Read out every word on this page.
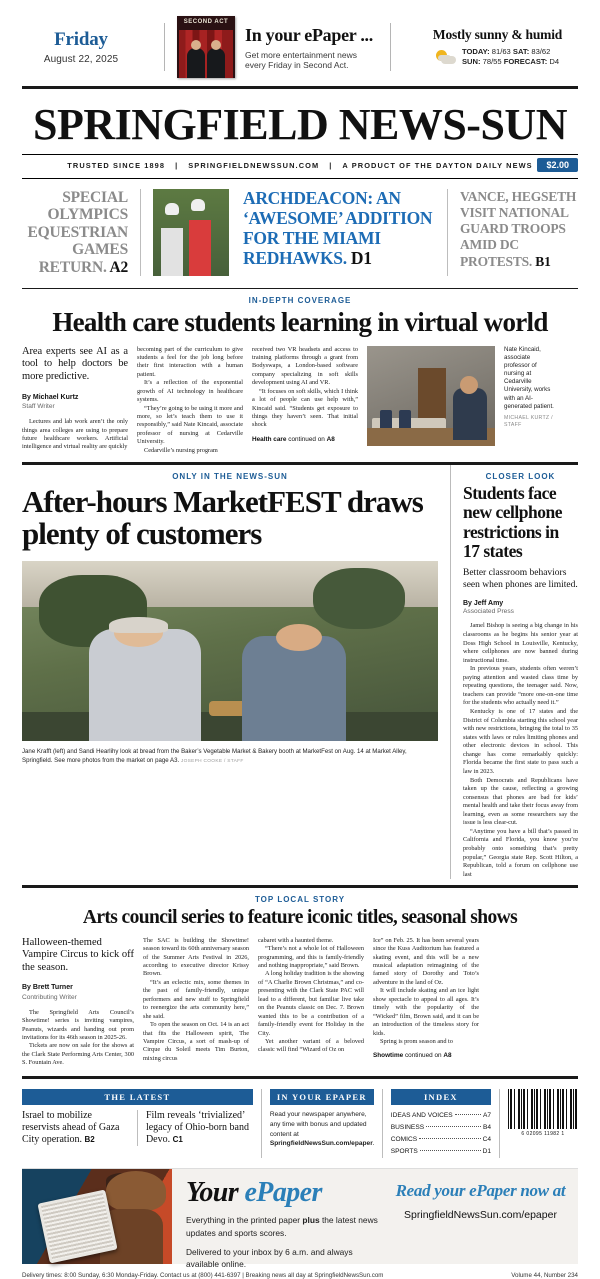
Friday
August 22, 2025
SECOND ACT
In your ePaper ...
Get more entertainment news every Friday in Second Act.
Mostly sunny & humid
TODAY: 81/63 SAT: 83/62
SUN: 78/55 FORECAST: D4
SPRINGFIELD NEWS-SUN
TRUSTED SINCE 1898 | SPRINGFIELDNEWSSUN.COM | A PRODUCT OF THE DAYTON DAILY NEWS	$2.00
SPECIAL OLYMPICS EQUESTRIAN GAMES RETURN. A2
ARCHDEACON: AN ‘AWESOME’ ADDITION FOR THE MIAMI REDHAWKS. D1
VANCE, HEGSETH VISIT NATIONAL GUARD TROOPS AMID DC PROTESTS. B1
IN-DEPTH COVERAGE
Health care students learning in virtual world
Area experts see AI as a tool to help doctors be more predictive.
By Michael Kurtz
Staff Writer

Lectures and lab work aren’t the only things area colleges are using to prepare future healthcare workers. Artificial intelligence and virtual reality are quickly

becoming part of the curriculum to give students a feel for the job long before their first interaction with a human patient.

It’s a reflection of the exponential growth of AI technology in healthcare systems.

“They’re going to be using it more and more, so let’s teach them to use it responsibly,” said Nate Kincaid, associate professor of nursing at Cedarville University.

Cedarville’s nursing program

received two VR headsets and access to training platforms through a grant from Bodyswaps, a London-based software company specializing in soft skills development using AI and VR.

“It focuses on soft skills, which I think a lot of people can use help with,” Kincaid said. “Students get exposure to things they haven’t seen. That initial shock

Health care continued on A8
Nate Kincaid, associate professor of nursing at Cedarville University, works with an AI-generated patient.
MICHAEL KURTZ / STAFF
ONLY IN THE NEWS-SUN
After-hours MarketFEST draws plenty of customers
Jane Krafft (left) and Sandi Hearlihy look at bread from the Baker’s Vegetable Market & Bakery booth at MarketFest on Aug. 14 at Market Alley, Springfield. See more photos from the market on page A3. JOSEPH COOKE / STAFF
CLOSER LOOK
Students face new cellphone restrictions in 17 states
Better classroom behaviors seen when phones are limited.
By Jeff Amy
Associated Press

Jamel Bishop is seeing a big change in his classrooms as he begins his senior year at Doss High School in Louisville, Kentucky, where cellphones are now banned during instructional time.

In previous years, students often weren’t paying attention and wasted class time by repeating questions, the teenager said. Now, teachers can provide “more one-on-one time for the students who actually need it.”

Kentucky is one of 17 states and the District of Columbia starting this school year with new restrictions, bringing the total to 35 states with laws or rules limiting phones and other electronic devices in school. This change has come remarkably quickly: Florida became the first state to pass such a law in 2023.

Both Democrats and Republicans have taken up the cause, reflecting a growing consensus that phones are bad for kids’ mental health and take their focus away from learning, even as some researchers say the issue is less clear-cut.

“Anytime you have a bill that’s passed in California and Florida, you know you’re probably onto something that’s pretty popular,” Georgia state Rep. Scott Hilton, a Republican, told a forum on cellphone use last

TOP LOCAL STORY
Arts council series to feature iconic titles, seasonal shows
Halloween-themed Vampire Circus to kick off the season.
By Brett Turner
Contributing Writer

The Springfield Arts Council’s Showtime! series is inviting vampires, Peanuts, wizards and handing out prom invitations for its 46th season in 2025-26.

Tickets are now on sale for the shows at the Clark State Performing Arts Center, 300 S. Fountain Ave.

The SAC is building the Showtime! season toward its 60th anniversary season of the Summer Arts Festival in 2026, according to executive director Krissy Brown.

“It’s an eclectic mix, some themes in the past of family-friendly, unique performers and new stuff to Springfield to reenergize the arts community here,” she said.

To open the season on Oct. 14 is an act that fits the Halloween spirit, The Vampire Circus, a sort of mash-up of Cirque du Soleil meets Tim Burton, mixing circus

cabaret with a haunted theme.

“There’s not a whole lot of Halloween programming, and this is family-friendly and nothing inappropriate,” said Brown.

A long holiday tradition is the showing of “A Charlie Brown Christmas,” and co-presenting with the Clark State PAC will lead to a different, but familiar live take on the Peanuts classic on Dec. 7. Brown wanted this to be a contribution of a family-friendly event for Holiday in the City.

Yet another variant of a beloved classic will find “Wizard of Oz on

Ice” on Feb. 25. It has been several years since the Kuss Auditorium has featured a skating event, and this will be a new musical adaptation reimagining of the famed story of Dorothy and Toto’s adventure in the land of Oz.

It will include skating and an ice light show spectacle to appeal to all ages. It’s timely with the popularity of the “Wicked” film, Brown said, and it can be an introduction of the timeless story for kids.

Spring is prom season and to

Showtime continued on A8
THE LATEST
Israel to mobilize reservists ahead of Gaza City operation. B2
Film reveals ‘trivialized’ legacy of Ohio-born band Devo. C1
IN YOUR EPAPER
Read your newspaper anywhere, any time with bonus and updated content at SpringfieldNewsSun.com/epaper.
INDEX
IDEAS AND VOICES	A7
BUSINESS	B4
COMICS	C4
SPORTS	D1
6 02095 11982 1
Your ePaper
Everything in the printed paper plus the latest news updates and sports scores.
Delivered to your inbox by 6 a.m. and always available online.
Read your ePaper now at
SpringfieldNewsSun.com/epaper
Delivery times: 8:00 Sunday, 6:30 Monday-Friday. Contact us at (800) 441-6397 | Breaking news all day at SpringfieldNewsSun.com	Volume 44, Number 234
